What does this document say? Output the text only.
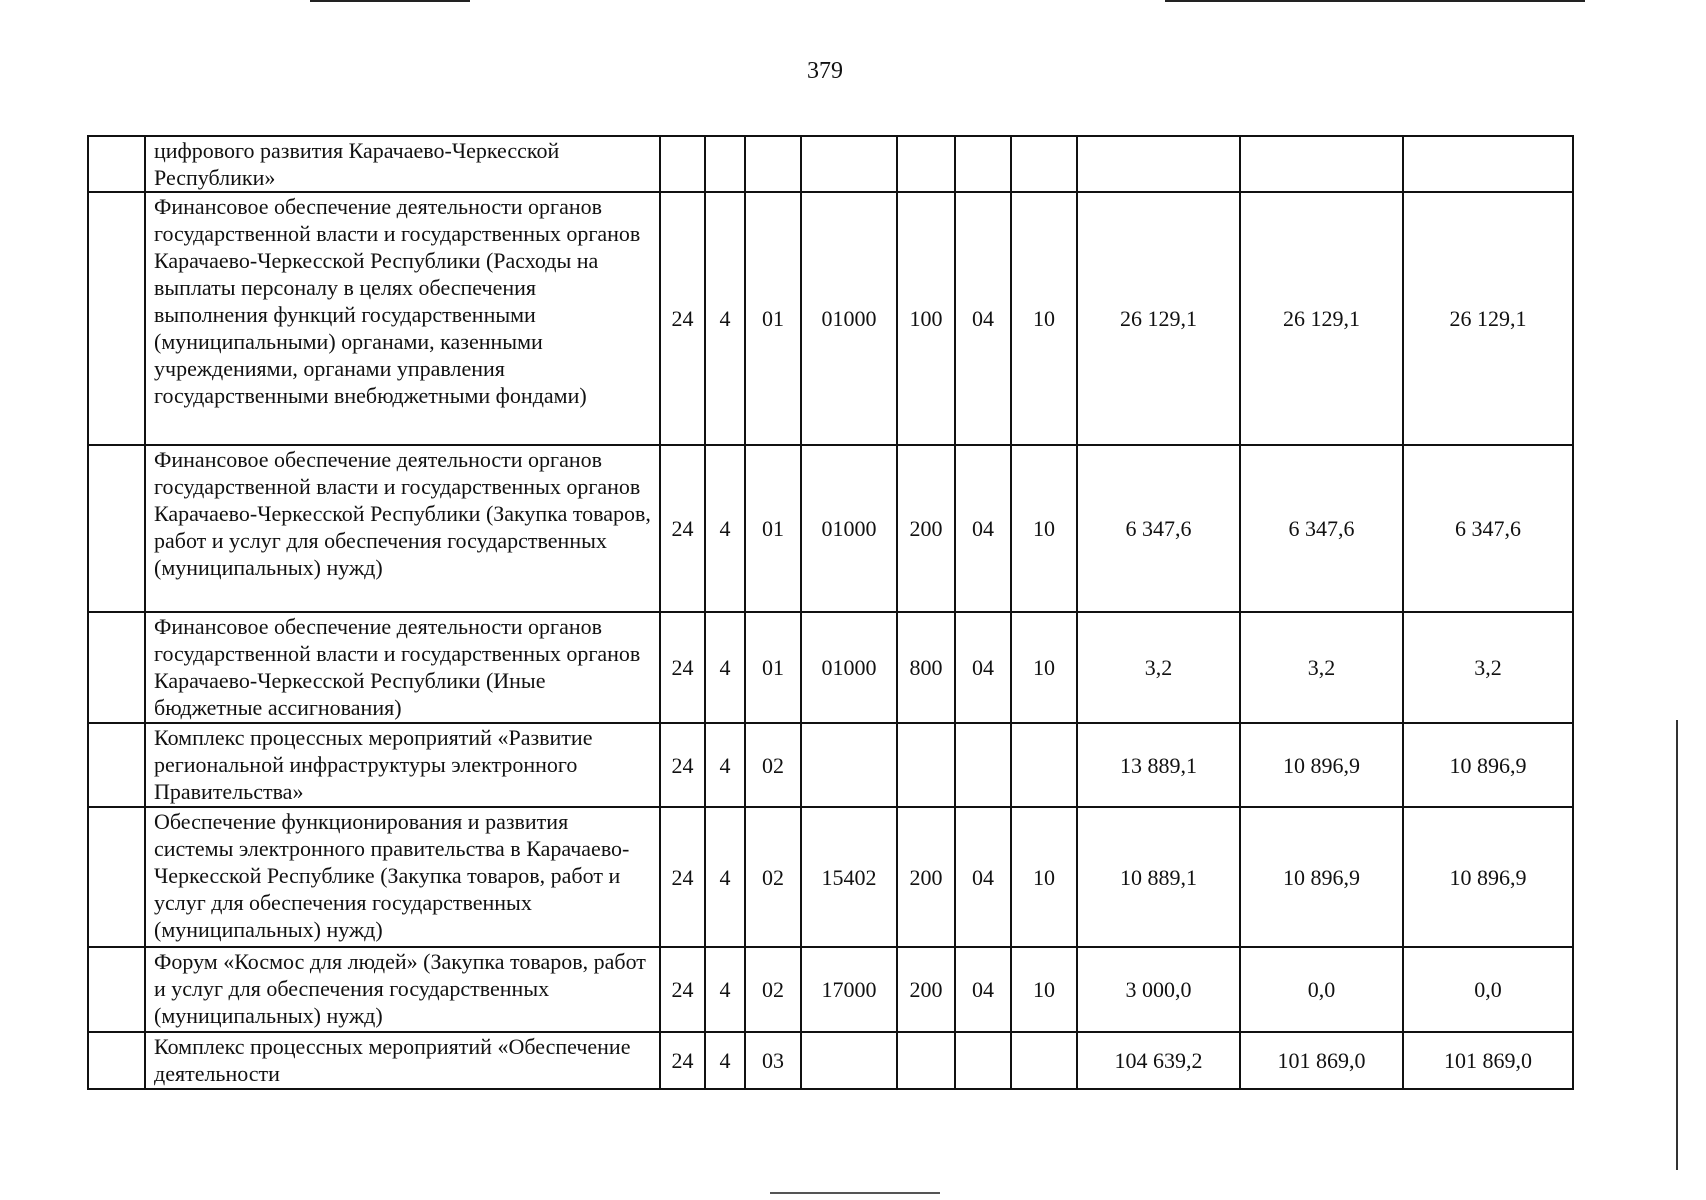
379
	цифрового развития Карачаево-Черкесской Республики»										
	Финансовое обеспечение деятельности органов государственной власти и государственных органов Карачаево-Черкесской Республики (Расходы на выплаты персоналу в целях обеспечения выполнения функций государственными (муниципальными) органами, казенными учреждениями, органами управления государственными внебюджетными фондами)	24	4	01	01000	100	04	10	26 129,1	26 129,1	26 129,1
	Финансовое обеспечение деятельности органов государственной власти и государственных органов Карачаево-Черкесской Республики (Закупка товаров, работ и услуг для обеспечения государственных (муниципальных) нужд)	24	4	01	01000	200	04	10	6 347,6	6 347,6	6 347,6
	Финансовое обеспечение деятельности органов государственной власти и государственных органов Карачаево-Черкесской Республики (Иные бюджетные ассигнования)	24	4	01	01000	800	04	10	3,2	3,2	3,2
	Комплекс процессных мероприятий «Развитие региональной инфраструктуры электронного Правительства»	24	4	02					13 889,1	10 896,9	10 896,9
	Обеспечение функционирования и развития системы электронного правительства в Карачаево-Черкесской Республике (Закупка товаров, работ и услуг для обеспечения государственных (муниципальных) нужд)	24	4	02	15402	200	04	10	10 889,1	10 896,9	10 896,9
	Форум «Космос для людей» (Закупка товаров, работ и услуг для обеспечения государственных (муниципальных) нужд)	24	4	02	17000	200	04	10	3 000,0	0,0	0,0
	Комплекс процессных мероприятий «Обеспечение деятельности	24	4	03					104 639,2	101 869,0	101 869,0
